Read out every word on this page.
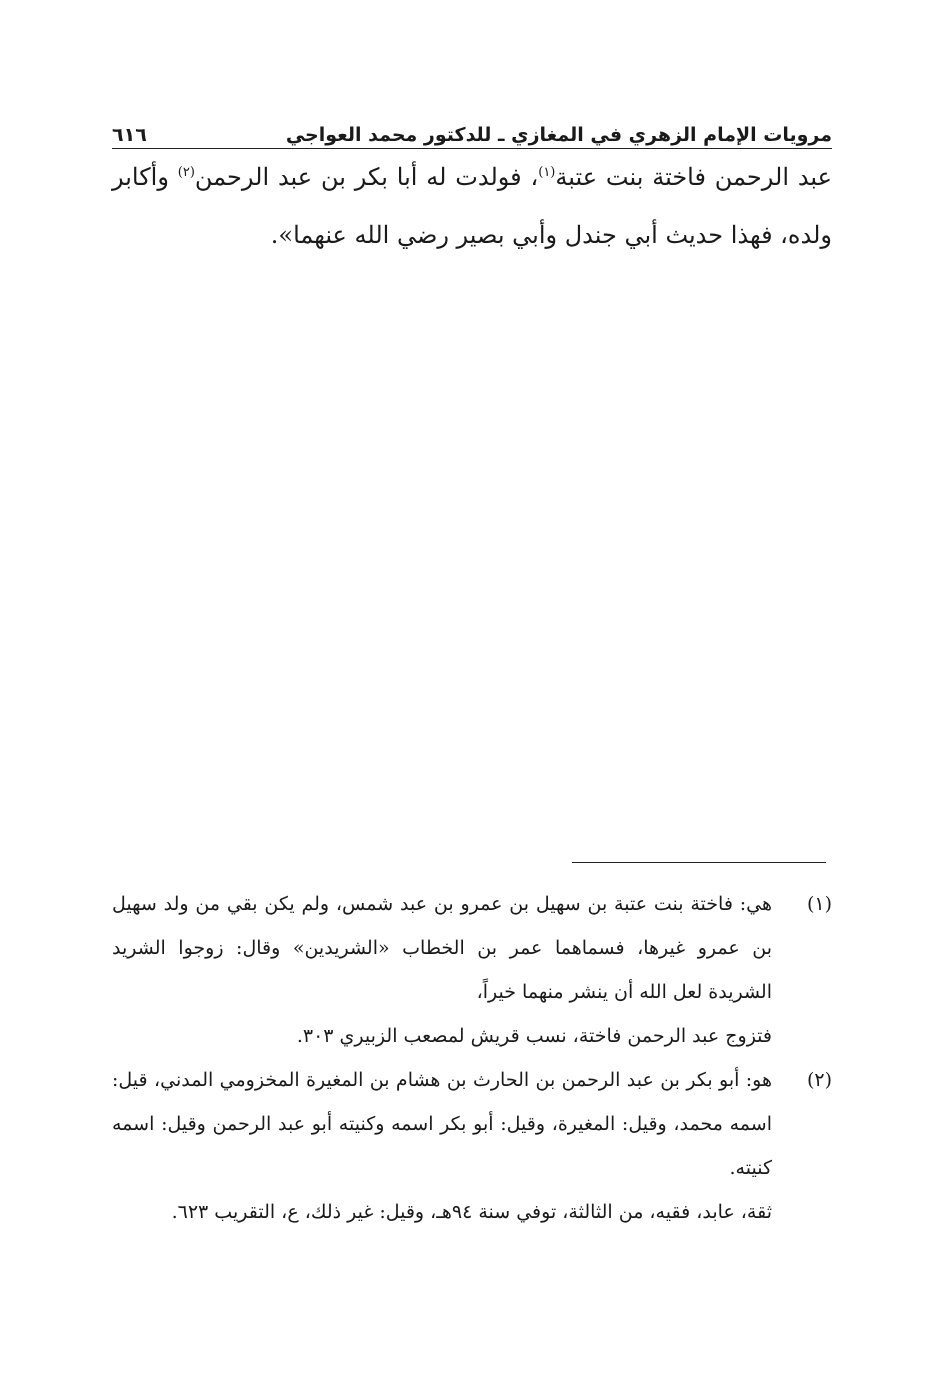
مرويات الإمام الزهري في المغازي ـ للدكتور محمد العواجي
٦١٦

عبد الرحمن فاختة بنت عتبة$^{(١)}$، فولدت له أبا بكر بن عبد الرحمن$^{(٢)}$ وأكابر ولده، فهذا حديث أبي جندل وأبي بصير رضي الله عنهما».

(١)
هي: فاختة بنت عتبة بن سهيل بن عمرو بن عبد شمس، ولم يكن بقي من ولد سهيل بن عمرو غيرها، فسماهما عمر بن الخطاب «الشريدين» وقال: زوجوا الشريد الشريدة لعل الله أن ينشر منهما خيراً،
فتزوج عبد الرحمن فاختة، نسب قريش لمصعب الزبيري ٣٠٣.
(٢)
هو: أبو بكر بن عبد الرحمن بن الحارث بن هشام بن المغيرة المخزومي المدني، قيل: اسمه محمد، وقيل: المغيرة، وقيل: أبو بكر اسمه وكنيته أبو عبد الرحمن وقيل: اسمه كنيته.
ثقة، عابد، فقيه، من الثالثة، توفي سنة ٩٤هـ، وقيل: غير ذلك، ع، التقريب ٦٢٣.
